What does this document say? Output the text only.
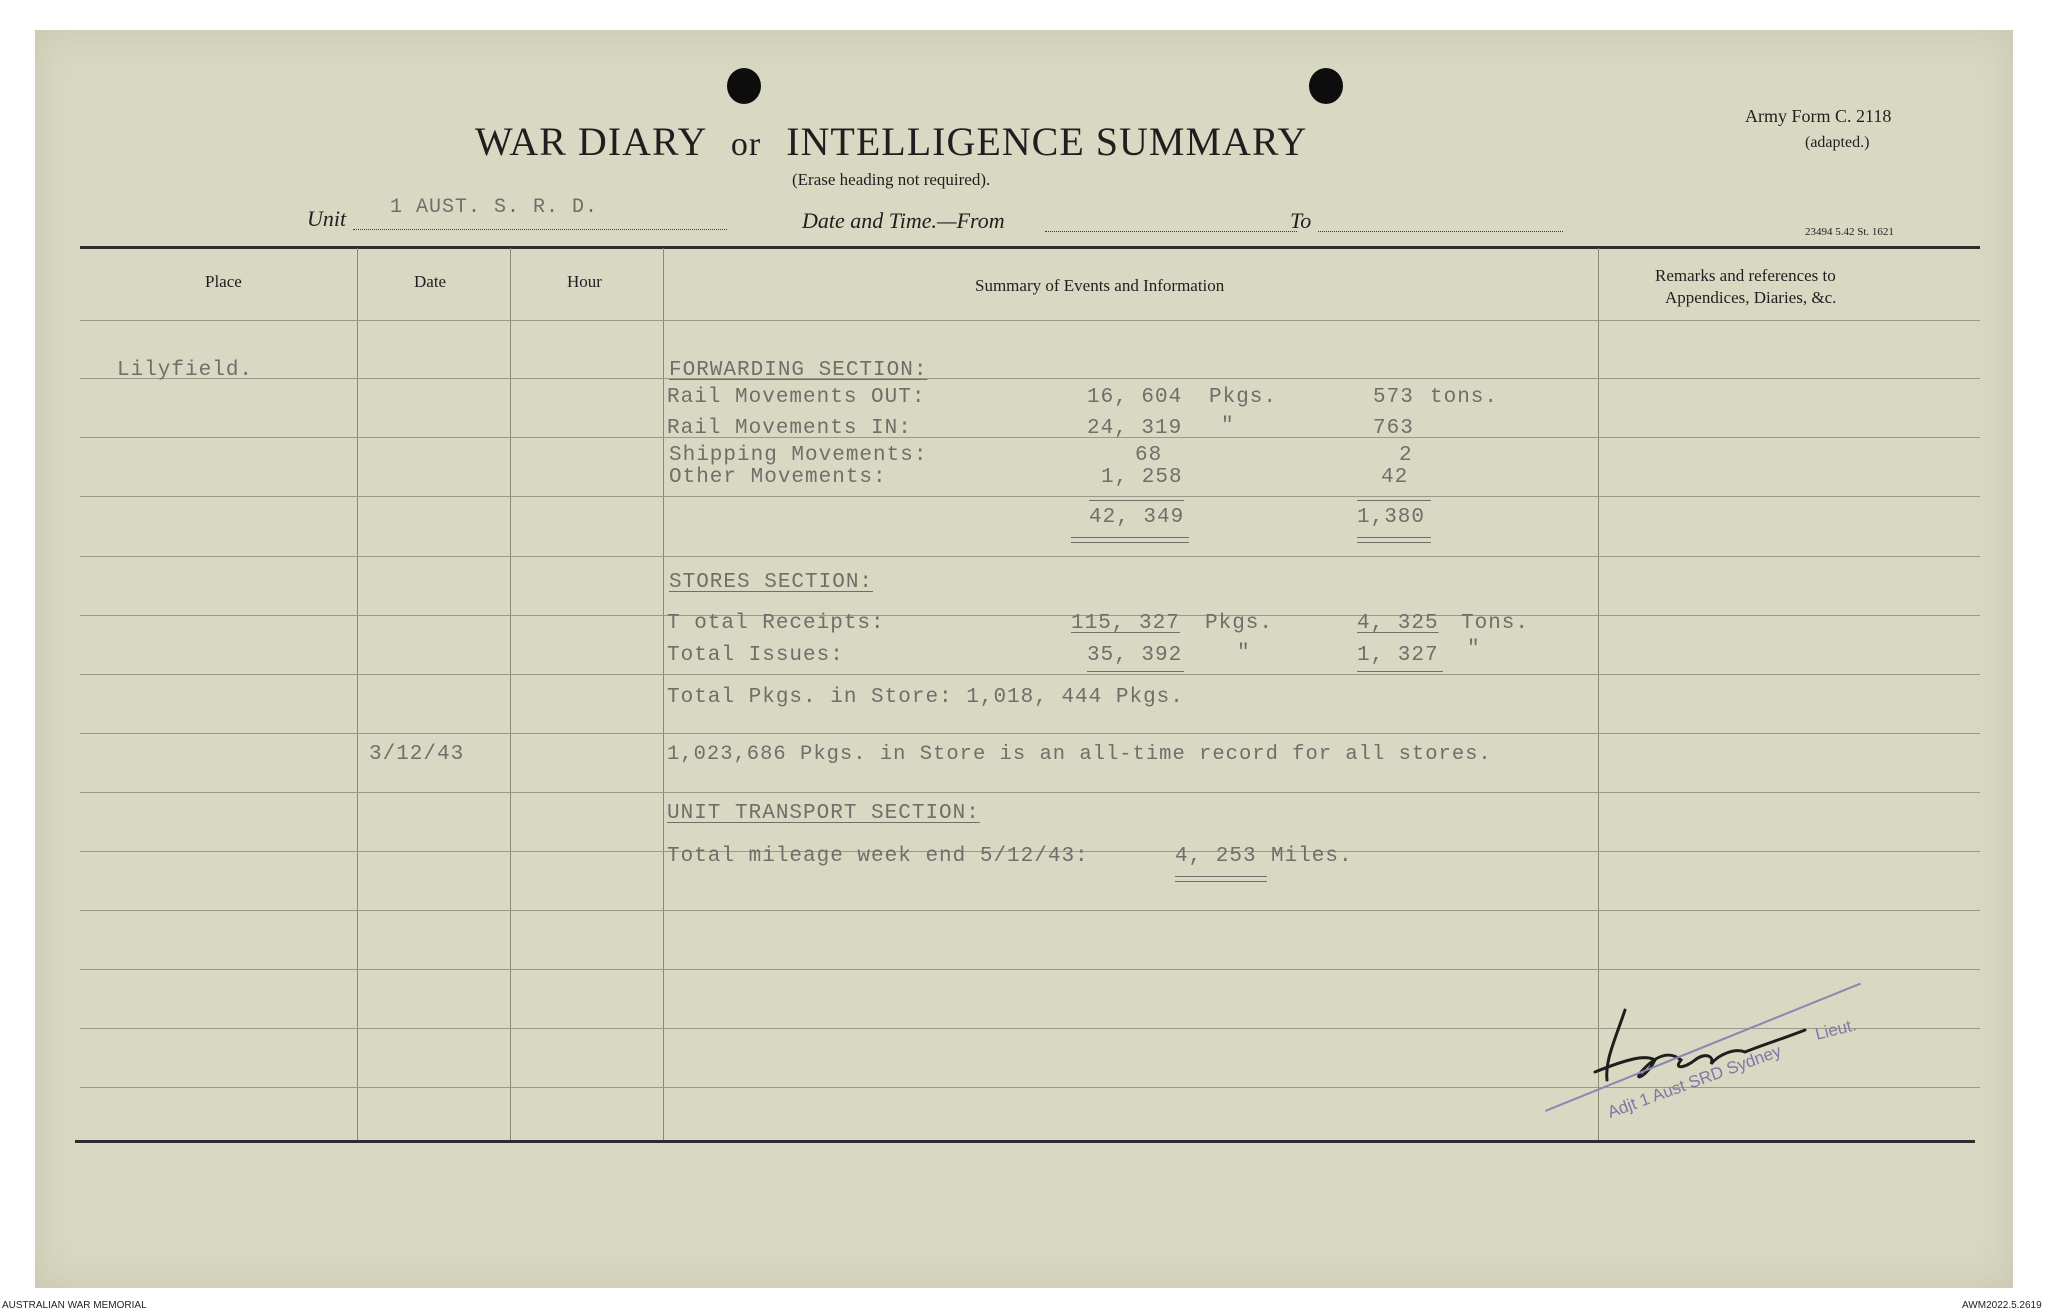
WAR DIARY or INTELLIGENCE SUMMARY
(Erase heading not required).
Unit 1 AUST. S. R. D.
Date and Time.—From	To
Army Form C. 2118
(adapted.)
23494 5.42 St. 1621
Place	Date	Hour	Summary of Events and Information
Remarks and references to
Appendices, Diaries, &c.
Lilyfield.	FORWARDING SECTION:
Rail Movements OUT:	16, 604 Pkgs.	573 tons.
Rail Movements IN:	24, 319 "	763
Shipping Movements:	68	2
Other Movements:	1, 258	42
42, 349	1,380
STORES SECTION:
T otal Receipts:	115, 327 Pkgs.	4, 325 Tons.
Total Issues:	35, 392	"	1, 327 "
Total Pkgs. in Store: 1,018, 444 Pkgs.
3/12/43	1,023,686 Pkgs. in Store is an all-time record for all stores.
UNIT TRANSPORT SECTION:
Total mileage week end 5/12/43:	4, 253 Miles.
Lieut.
Adjt 1 Aust SRD Sydney
AUSTRALIAN WAR MEMORIAL	AWM2022.5.2619
